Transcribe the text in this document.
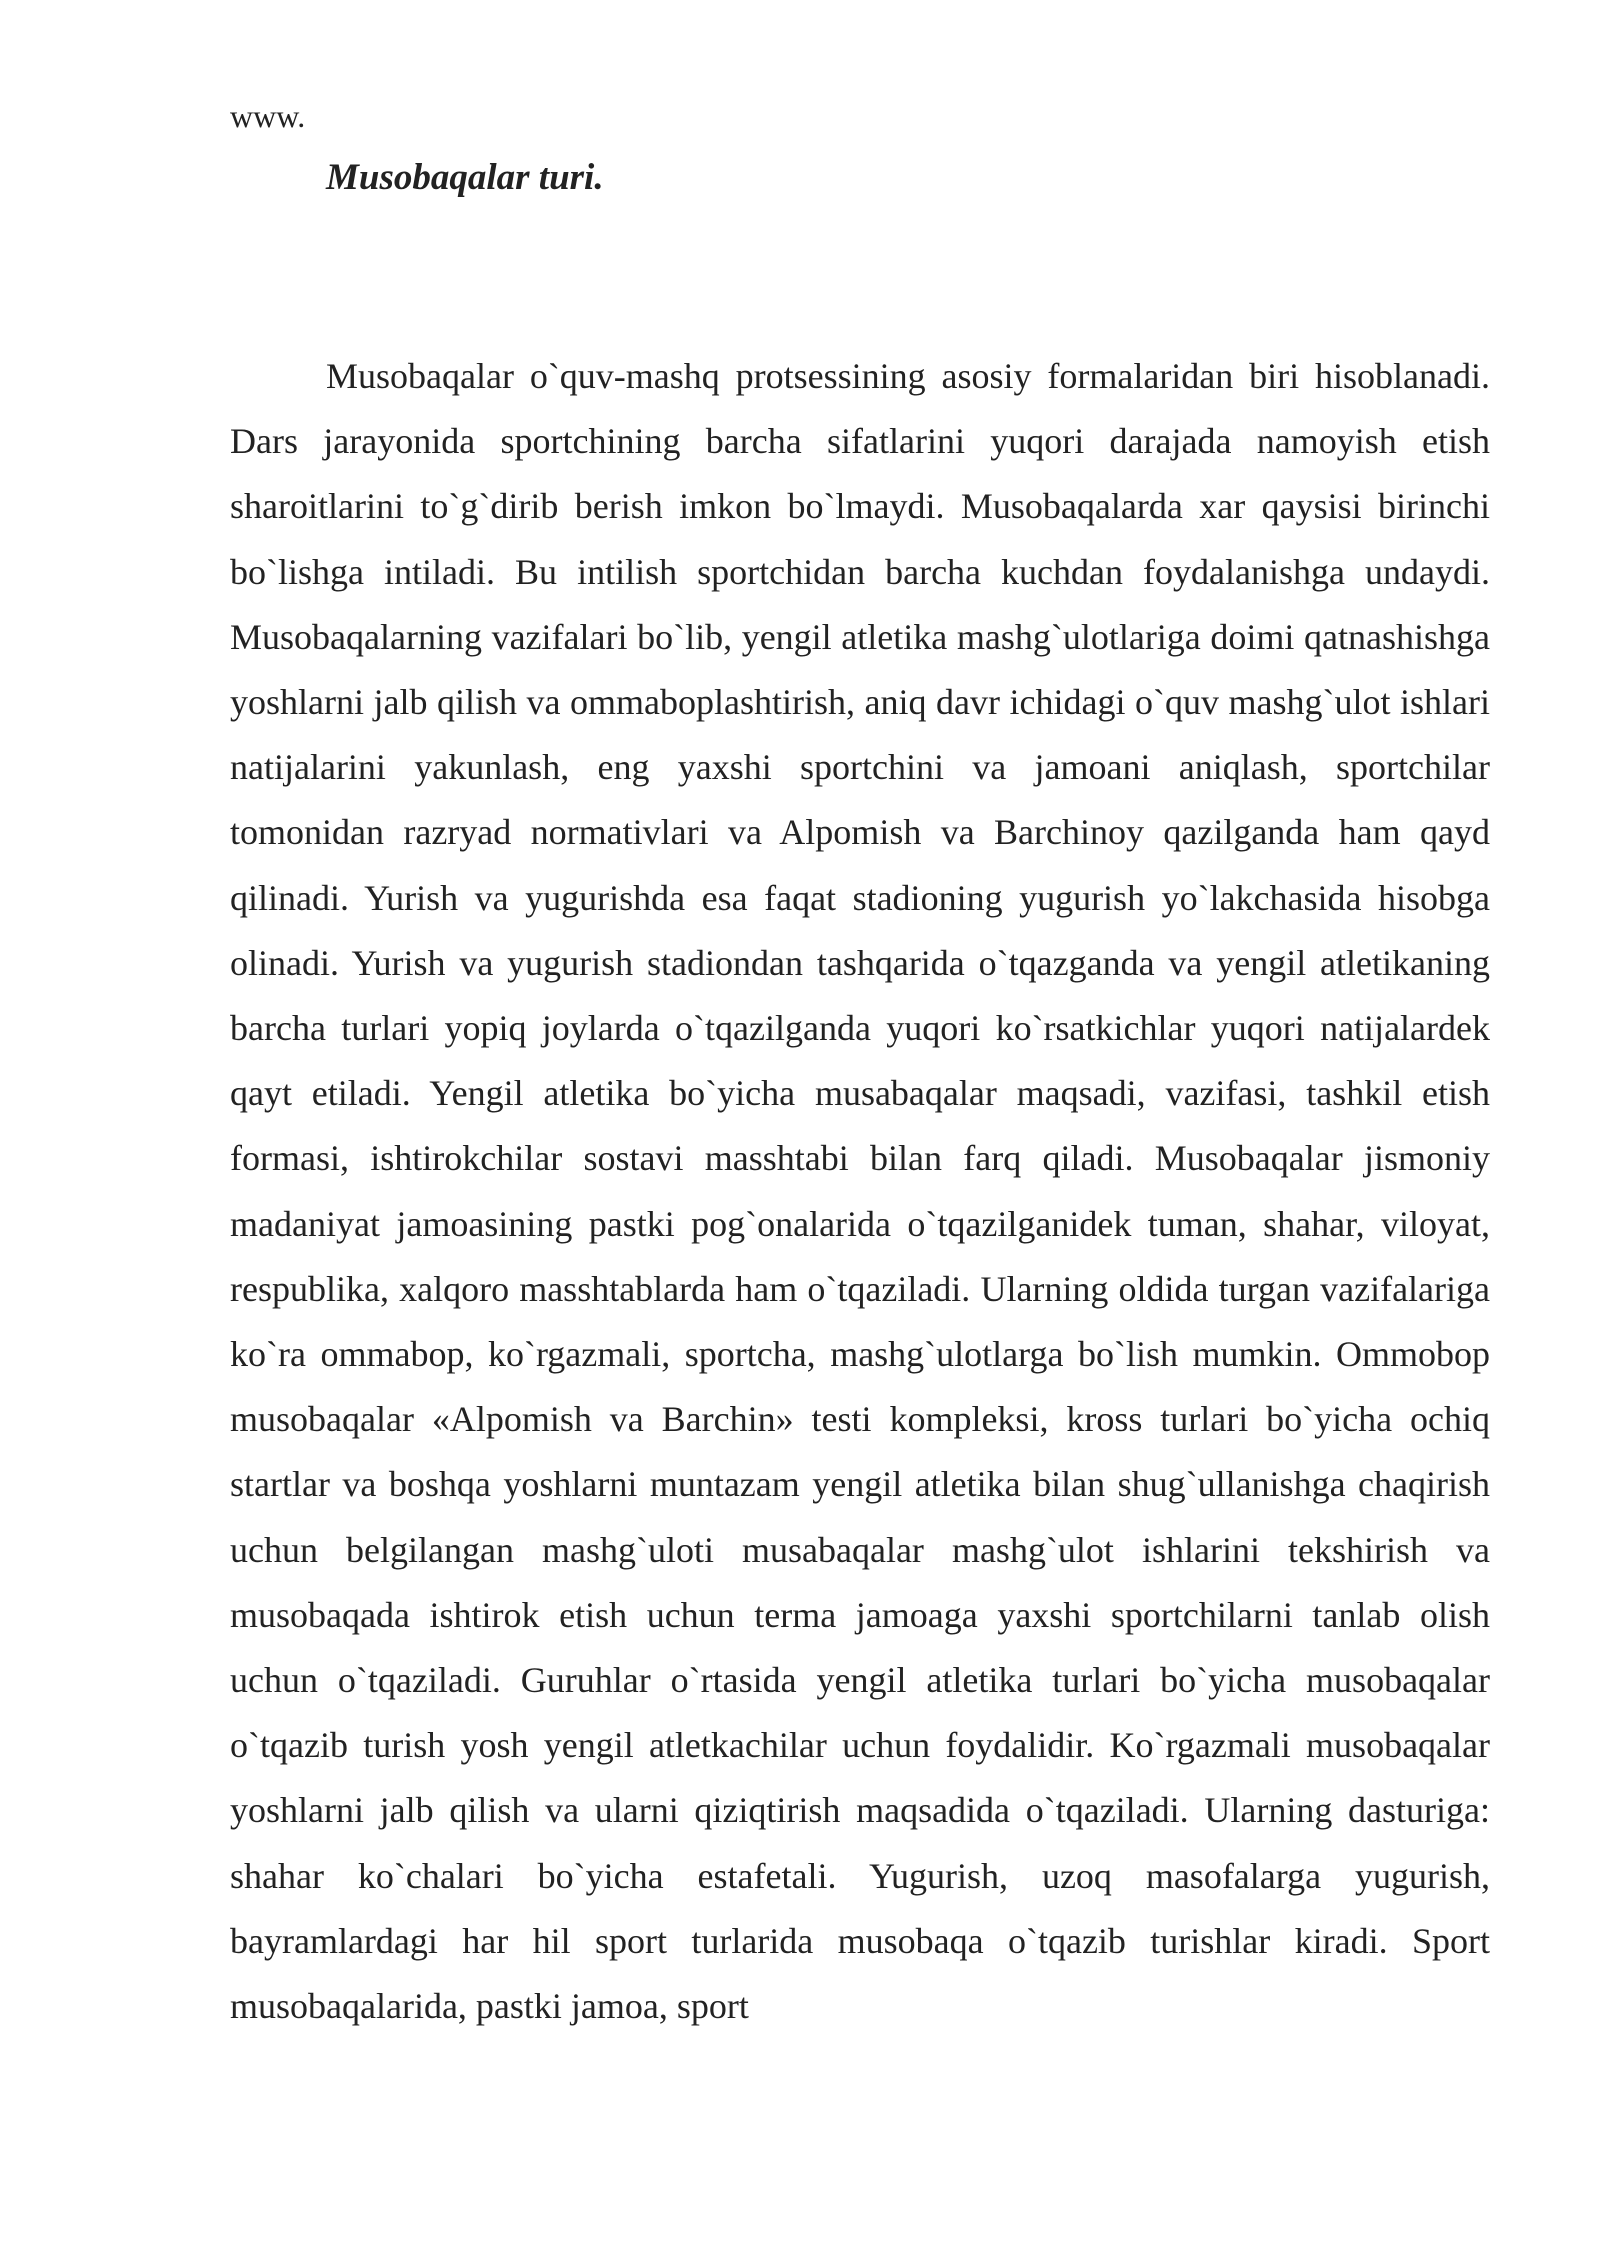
www.
Musobaqalar turi.

Musobaqalar o`quv-mashq protsessining asosiy formalaridan biri hisoblanadi. Dars jarayonida sportchining barcha sifatlarini yuqori darajada namoyish etish sharoitlarini to`g`dirib berish imkon bo`lmaydi. Musobaqalarda xar qaysisi birinchi bo`lishga intiladi. Bu intilish sportchidan barcha kuchdan foydalanishga undaydi. Musobaqalarning vazifalari bo`lib, yengil atletika mashg`ulotlariga doimi qatnashishga yoshlarni jalb qilish va ommaboplashtirish, aniq davr ichidagi o`quv mashg`ulot ishlari natijalarini yakunlash, eng yaxshi sportchini va jamoani aniqlash, sportchilar tomonidan razryad normativlari va Alpomish va Barchinoy qazilganda ham qayd qilinadi. Yurish va yugurishda esa faqat stadioning yugurish yo`lakchasida hisobga olinadi. Yurish va yugurish stadiondan tashqarida o`tqazganda va yengil atletikaning barcha turlari yopiq joylarda o`tqazilganda yuqori ko`rsatkichlar yuqori natijalardek qayt etiladi. Yengil atletika bo`yicha musabaqalar maqsadi, vazifasi, tashkil etish formasi, ishtirokchilar sostavi masshtabi bilan farq qiladi. Musobaqalar jismoniy madaniyat jamoasining pastki pog`onalarida o`tqazilganidek tuman, shahar, viloyat, respublika, xalqoro masshtablarda ham o`tqaziladi. Ularning oldida turgan vazifalariga ko`ra ommabop, ko`rgazmali, sportcha, mashg`ulotlarga bo`lish mumkin. Ommobop musobaqalar «Alpomish va Barchin» testi kompleksi, kross turlari bo`yicha ochiq startlar va boshqa yoshlarni muntazam yengil atletika bilan shug`ullanishga chaqirish uchun belgilangan mashg`uloti musabaqalar mashg`ulot ishlarini tekshirish va musobaqada ishtirok etish uchun terma jamoaga yaxshi sportchilarni tanlab olish uchun o`tqaziladi. Guruhlar o`rtasida yengil atletika turlari bo`yicha musobaqalar o`tqazib turish yosh yengil atletkachilar uchun foydalidir. Ko`rgazmali musobaqalar yoshlarni jalb qilish va ularni qiziqtirish maqsadida o`tqaziladi. Ularning dasturiga: shahar ko`chalari bo`yicha estafetali. Yugurish, uzoq masofalarga yugurish, bayramlardagi har hil sport turlarida musobaqa o`tqazib turishlar kiradi. Sport musobaqalarida, pastki jamoa, sport
